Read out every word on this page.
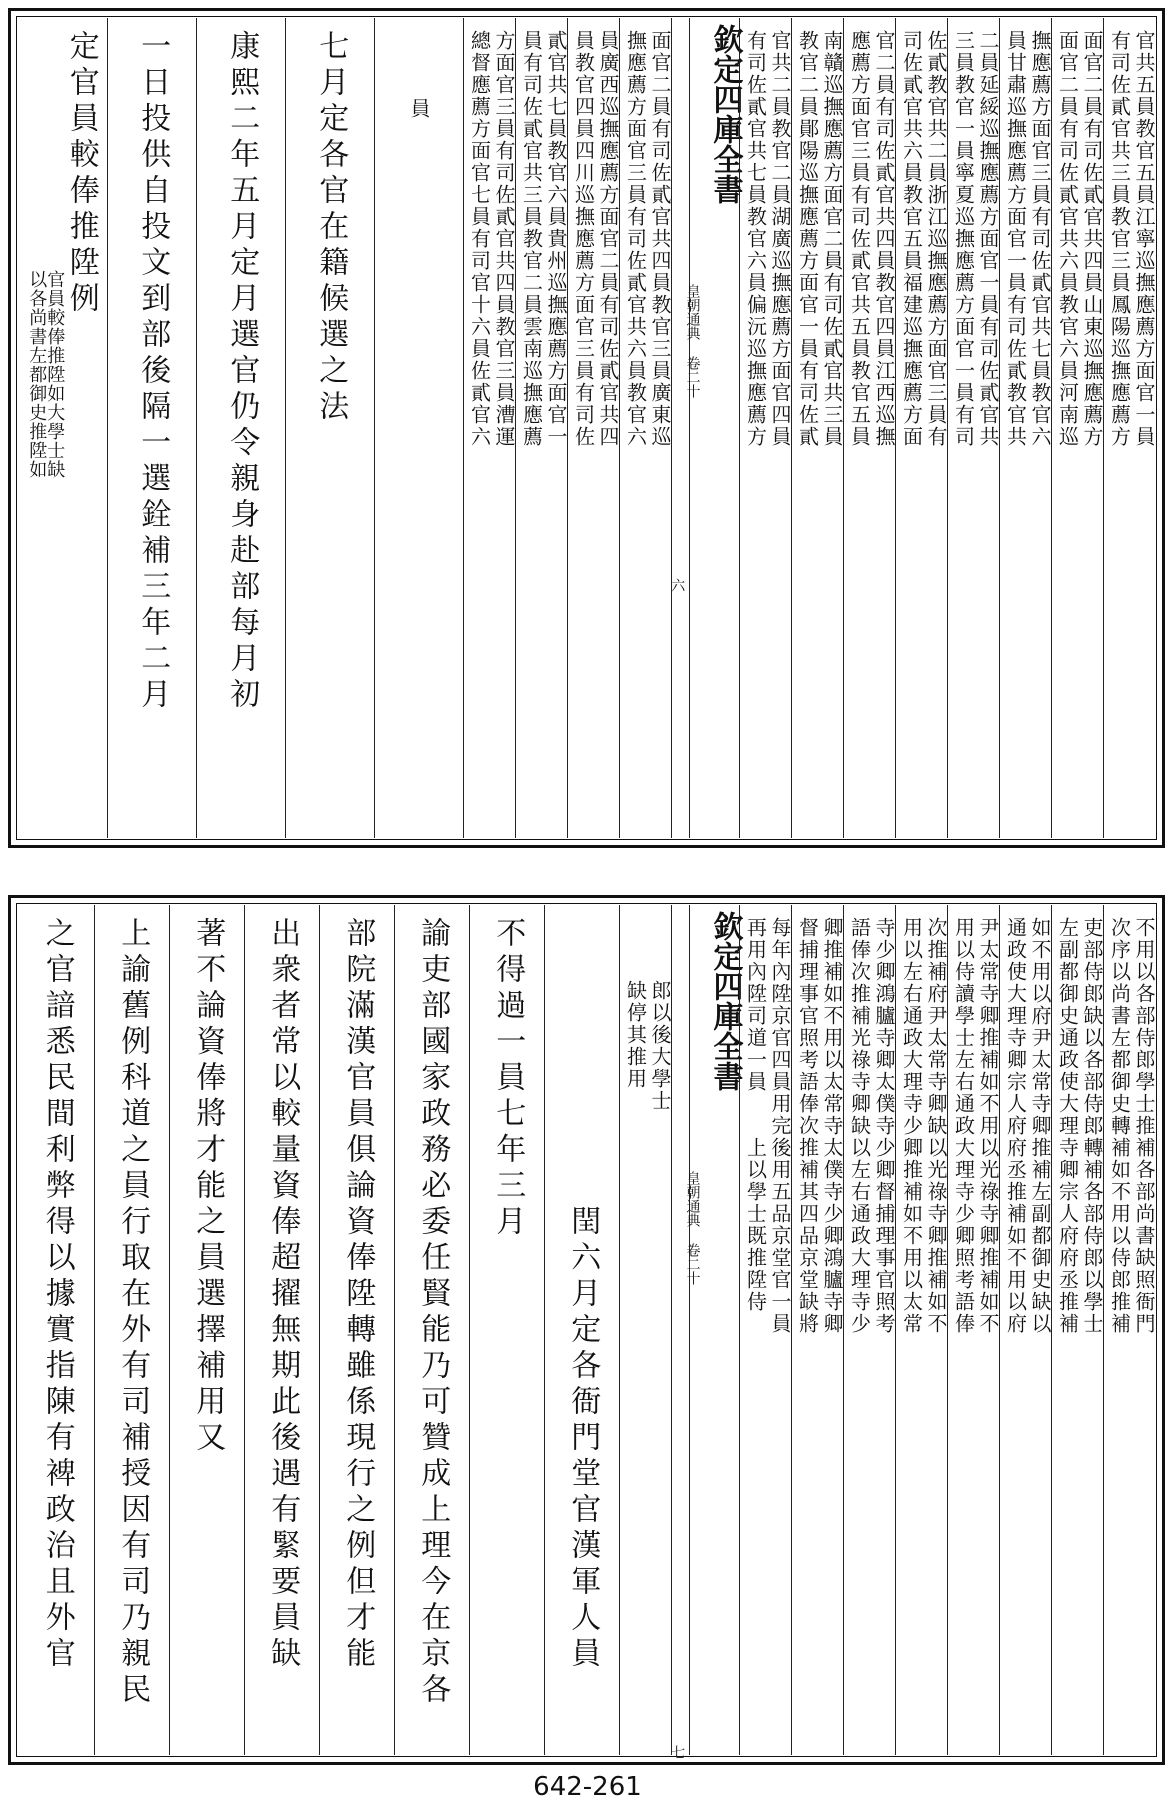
官共五員教官五員江寧巡撫應薦方面官一員
有司佐貳官共三員教官三員鳳陽巡撫應薦方
面官二員有司佐貳官共四員山東巡撫應薦方
面官二員有司佐貳官共六員教官六員河南巡
撫應薦方面官三員有司佐貳官共七員教官六
員甘肅巡撫應薦方面官一員有司佐貳教官共
二員延綏巡撫應薦方面官一員有司佐貳官共
三員教官一員寧夏巡撫應薦方面官一員有司
佐貳教官共二員浙江巡撫應薦方面官三員有
司佐貳官共六員教官五員福建巡撫應薦方面
官二員有司佐貳官共四員教官四員江西巡撫
應薦方面官三員有司佐貳官共五員教官五員
南贛巡撫應薦方面官二員有司佐貳官共三員
教官二員鄖陽巡撫應薦方面官一員有司佐貳
官共二員教官二員湖廣巡撫應薦方面官四員
有司佐貳官共七員教官六員偏沅巡撫應薦方
欽定四庫全書
皇朝通典 卷二十
六
面官二員有司佐貳官共四員教官三員廣東巡
撫應薦方面官三員有司佐貳官共六員教官六
員廣西巡撫應薦方面官二員有司佐貳官共四
員教官四員四川巡撫應薦方面官三員有司佐
貳官共七員教官六員貴州巡撫應薦方面官一
員有司佐貳官共三員教官二員雲南巡撫應薦
方面官三員有司佐貳官共四員教官三員漕運
總督應薦方面官七員有司官十六員佐貳官六
員
七月定各官在籍候選之法
康熙二年五月定月選官仍令親身赴部每月初
一日投供自投文到部後隔一選銓補三年二月
定官員較俸推陞例
官員較俸推陞如大學士缺
以各尚書左都御史推陞如
不用以各部侍郎學士推補各部尚書缺照衙門
次序以尚書左都御史轉補如不用以侍郎推補
吏部侍郎缺以各部侍郎轉補各部侍郎以學士
左副都御史通政使大理寺卿宗人府府丞推補
如不用以府尹太常寺卿推補左副都御史缺以
通政使大理寺卿宗人府府丞推補如不用以府
尹太常寺卿推補如不用以光祿寺卿推補如不
用以侍讀學士左右通政大理寺少卿照考語俸
次推補府尹太常寺卿缺以光祿寺卿推補如不
用以左右通政大理寺少卿推補如不用以太常
寺少卿鴻臚寺卿太僕寺少卿督捕理事官照考
語俸次推補光祿寺卿缺以左右通政大理寺少
卿推補如不用以太常寺太僕寺少卿鴻臚寺卿
督捕理事官照考語俸次推補其四品京堂缺將
每年內陞京官四員用完後用五品京堂官一員
再用內陞司道一員　　上以學士既推陞侍
欽定四庫全書
皇朝通典 卷二十
七
郎以後大學士
缺停其推用
閏六月定各衙門堂官漢軍人員
不得過一員七年三月
諭吏部國家政務必委任賢能乃可贊成上理今在京各
部院滿漢官員俱論資俸陞轉雖係現行之例但才能
出衆者常以較量資俸超擢無期此後遇有緊要員缺
著不論資俸將才能之員選擇補用又
上諭舊例科道之員行取在外有司補授因有司乃親民
之官諳悉民間利弊得以據實指陳有裨政治且外官
642-261
